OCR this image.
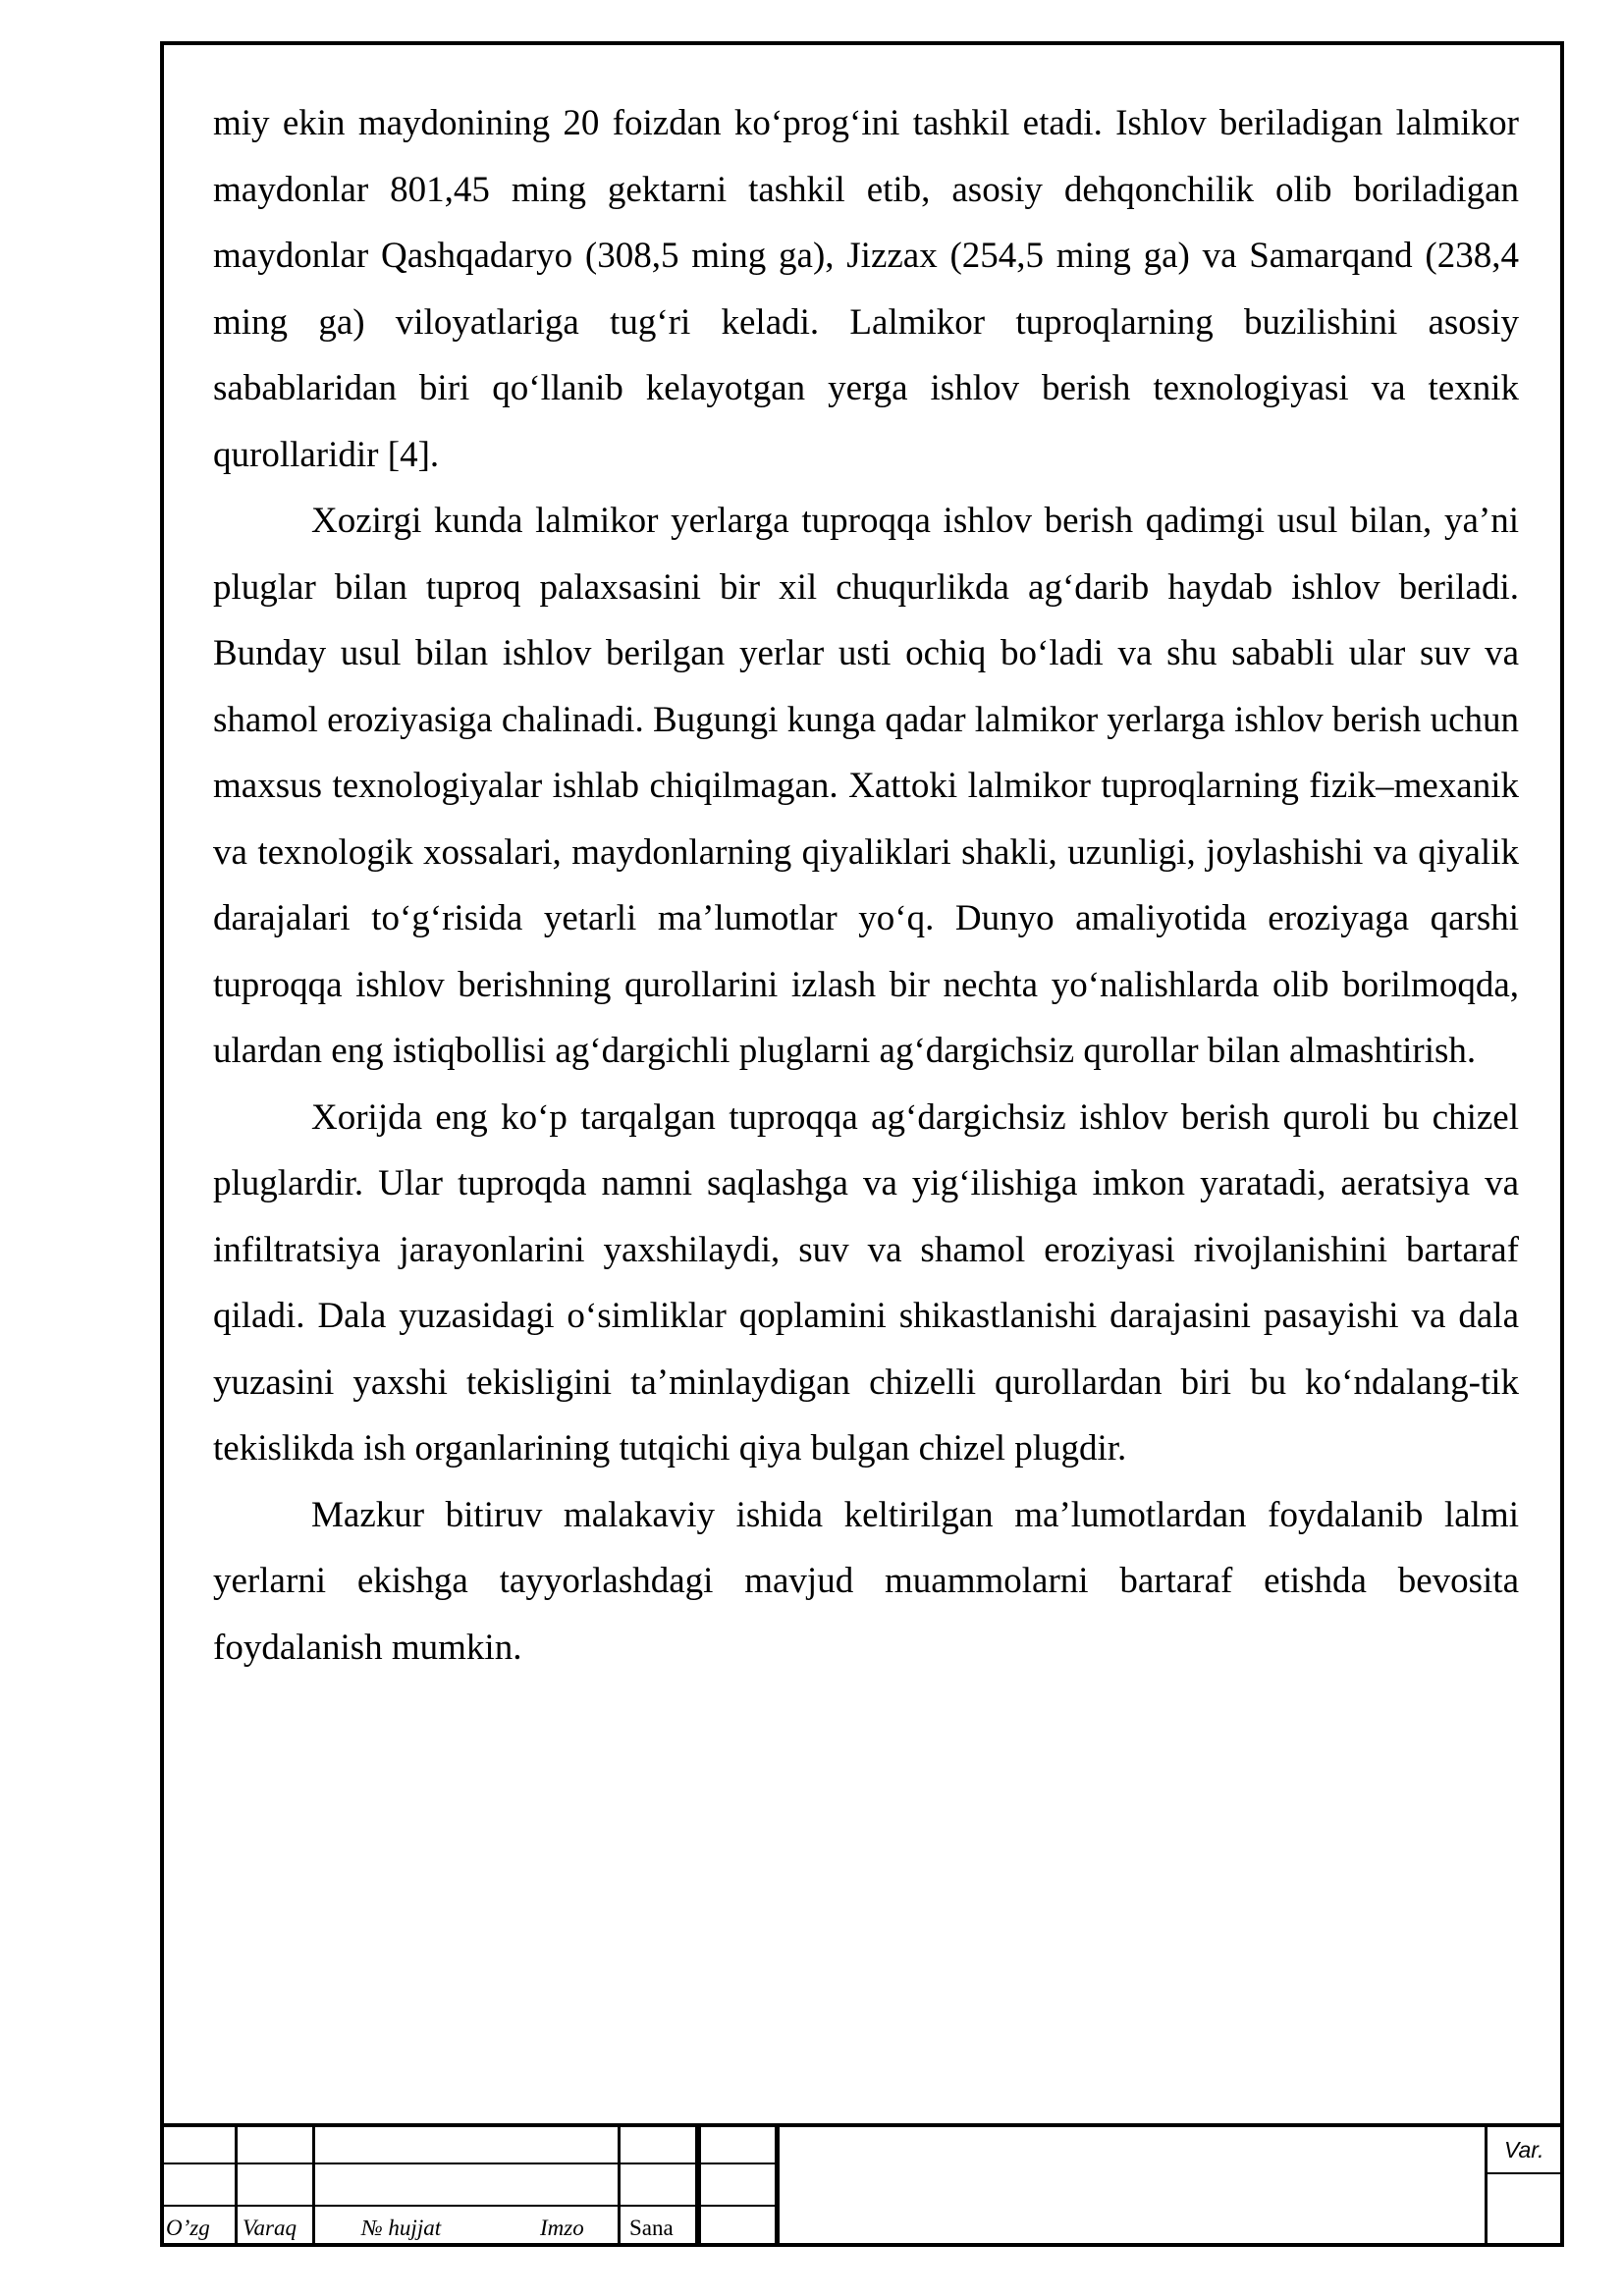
miy ekin maydonining 20 foizdan ko‘prog‘ini tashkil etadi. Ishlov beriladigan lalmikor maydonlar 801,45 ming gektarni tashkil etib, asosiy dehqonchilik olib boriladigan maydonlar Qashqadaryo (308,5 ming ga), Jizzax (254,5 ming ga) va Samarqand (238,4 ming ga) viloyatlariga tug‘ri keladi. Lalmikor tuproqlarning buzilishini asosiy sabablaridan biri qo‘llanib kelayotgan yerga ishlov berish texnologiyasi va texnik qurollaridir [4].

Xozirgi kunda lalmikor yerlarga tuproqqa ishlov berish qadimgi usul bilan, ya’ni pluglar bilan tuproq palaxsasini bir xil chuqurlikda ag‘darib haydab ishlov beriladi. Bunday usul bilan ishlov berilgan yerlar usti ochiq bo‘ladi va shu sababli ular suv va shamol eroziyasiga chalinadi. Bugungi kunga qadar lalmikor yerlarga ishlov berish uchun maxsus texnologiyalar ishlab chiqilmagan. Xattoki lalmikor tuproqlarning fizik–mexanik va texnologik xossalari, maydonlarning qiyaliklari shakli, uzunligi, joylashishi va qiyalik darajalari to‘g‘risida yetarli ma’lumotlar yo‘q. Dunyo amaliyotida eroziyaga qarshi tuproqqa ishlov berishning qurollarini izlash bir nechta yo‘nalishlarda olib borilmoqda, ulardan eng istiqbollisi ag‘dargichli pluglarni ag‘dargichsiz qurollar bilan almashtirish.

Xorijda eng ko‘p tarqalgan tuproqqa ag‘dargichsiz ishlov berish quroli bu chizel pluglardir. Ular tuproqda namni saqlashga va yig‘ilishiga imkon yaratadi, aeratsiya va infiltratsiya jarayonlarini yaxshilaydi, suv va shamol eroziyasi rivojlanishini bartaraf qiladi. Dala yuzasidagi o‘simliklar qoplamini shikastlanishi darajasini pasayishi va dala yuzasini yaxshi tekisligini ta’minlaydigan chizelli qurollardan biri bu ko‘ndalang-tik tekislikda ish organlarining tutqichi qiya bulgan chizel plugdir.

Mazkur bitiruv malakaviy ishida keltirilgan ma’lumotlardan foydalanib lalmi yerlarni ekishga tayyorlashdagi mavjud muammolarni bartaraf etishda bevosita foydalanish mumkin.

O’zg Varaq	№ hujjat	Imzo Sana
Var.
